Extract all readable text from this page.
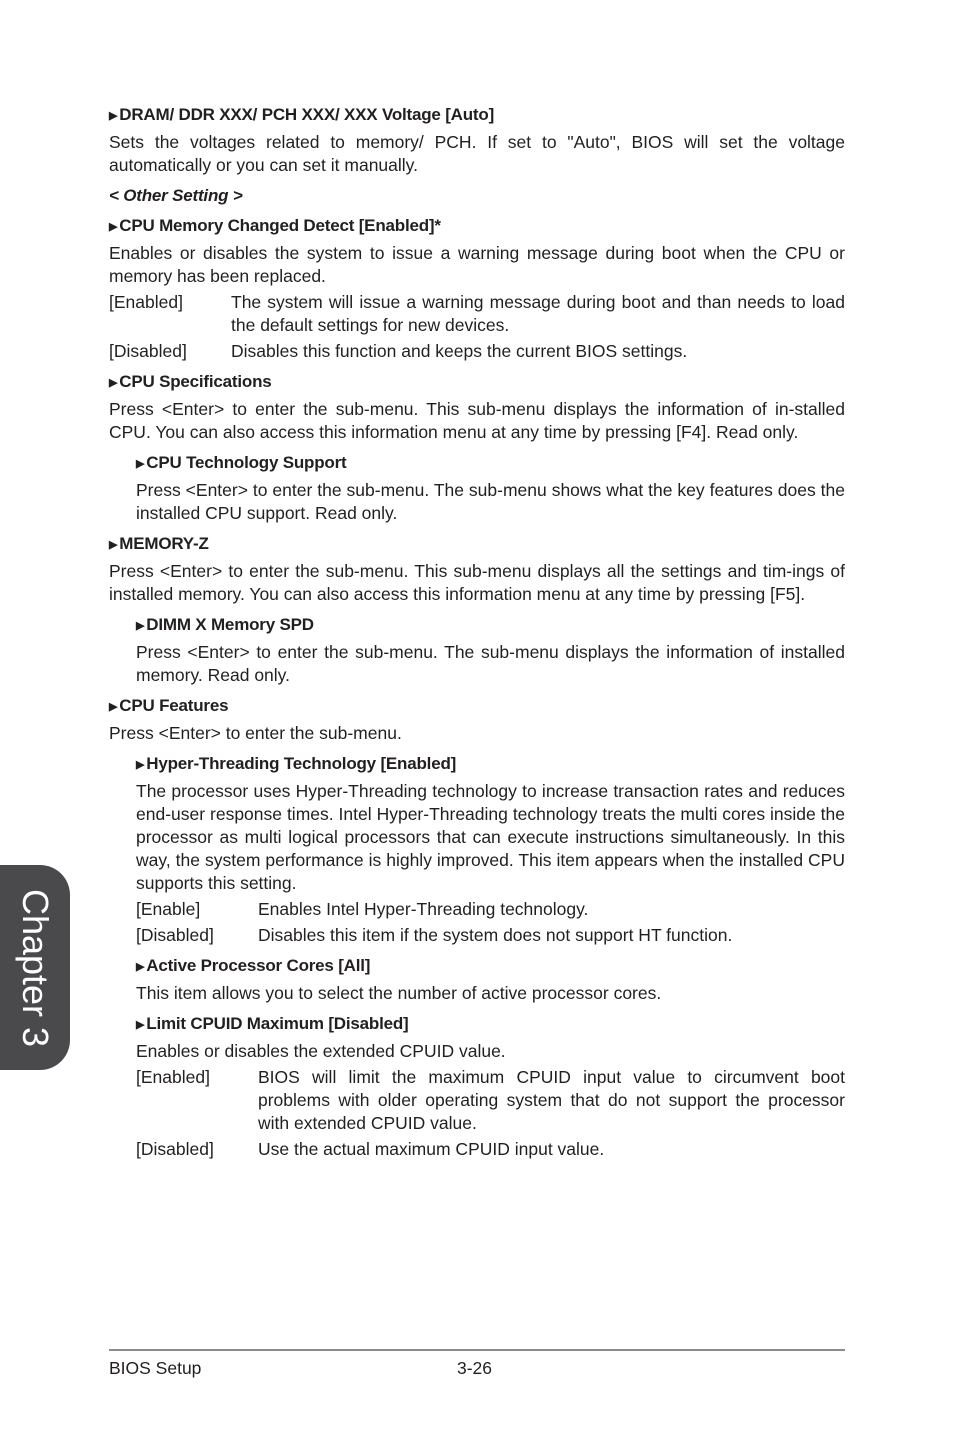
▶ DRAM/ DDR XXX/ PCH XXX/ XXX Voltage [Auto]
Sets the voltages related to memory/ PCH. If set to "Auto", BIOS will set the voltage automatically or you can set it manually.
< Other Setting >
▶ CPU Memory Changed Detect [Enabled]*
Enables or disables the system to issue a warning message during boot when the CPU or memory has been replaced.
[Enabled]	The system will issue a warning message during boot and than needs to load the default settings for new devices.
[Disabled]	Disables this function and keeps the current BIOS settings.
▶ CPU Specifications
Press <Enter> to enter the sub-menu. This sub-menu displays the information of in-stalled CPU. You can also access this information menu at any time by pressing [F4]. Read only.
▶ CPU Technology Support
Press <Enter> to enter the sub-menu. The sub-menu shows what the key features does the installed CPU support. Read only.
▶ MEMORY-Z
Press <Enter> to enter the sub-menu. This sub-menu displays all the settings and tim-ings of installed memory. You can also access this information menu at any time by pressing [F5].
▶ DIMM X Memory SPD
Press <Enter> to enter the sub-menu. The sub-menu displays the information of installed memory. Read only.
▶ CPU Features
Press <Enter> to enter the sub-menu.
▶ Hyper-Threading Technology [Enabled]
The processor uses Hyper-Threading technology to increase transaction rates and reduces end-user response times. Intel Hyper-Threading technology treats the multi cores inside the processor as multi logical processors that can execute instructions simultaneously. In this way, the system performance is highly improved. This item appears when the installed CPU supports this setting.
[Enable]	Enables Intel Hyper-Threading technology.
[Disabled]	Disables this item if the system does not support HT function.
▶ Active Processor Cores [All]
This item allows you to select the number of active processor cores.
▶ Limit CPUID Maximum [Disabled]
Enables or disables the extended CPUID value.
[Enabled]	BIOS will limit the maximum CPUID input value to circumvent boot problems with older operating system that do not support the processor with extended CPUID value.
[Disabled]	Use the actual maximum CPUID input value.
Chapter 3
BIOS Setup	3-26
